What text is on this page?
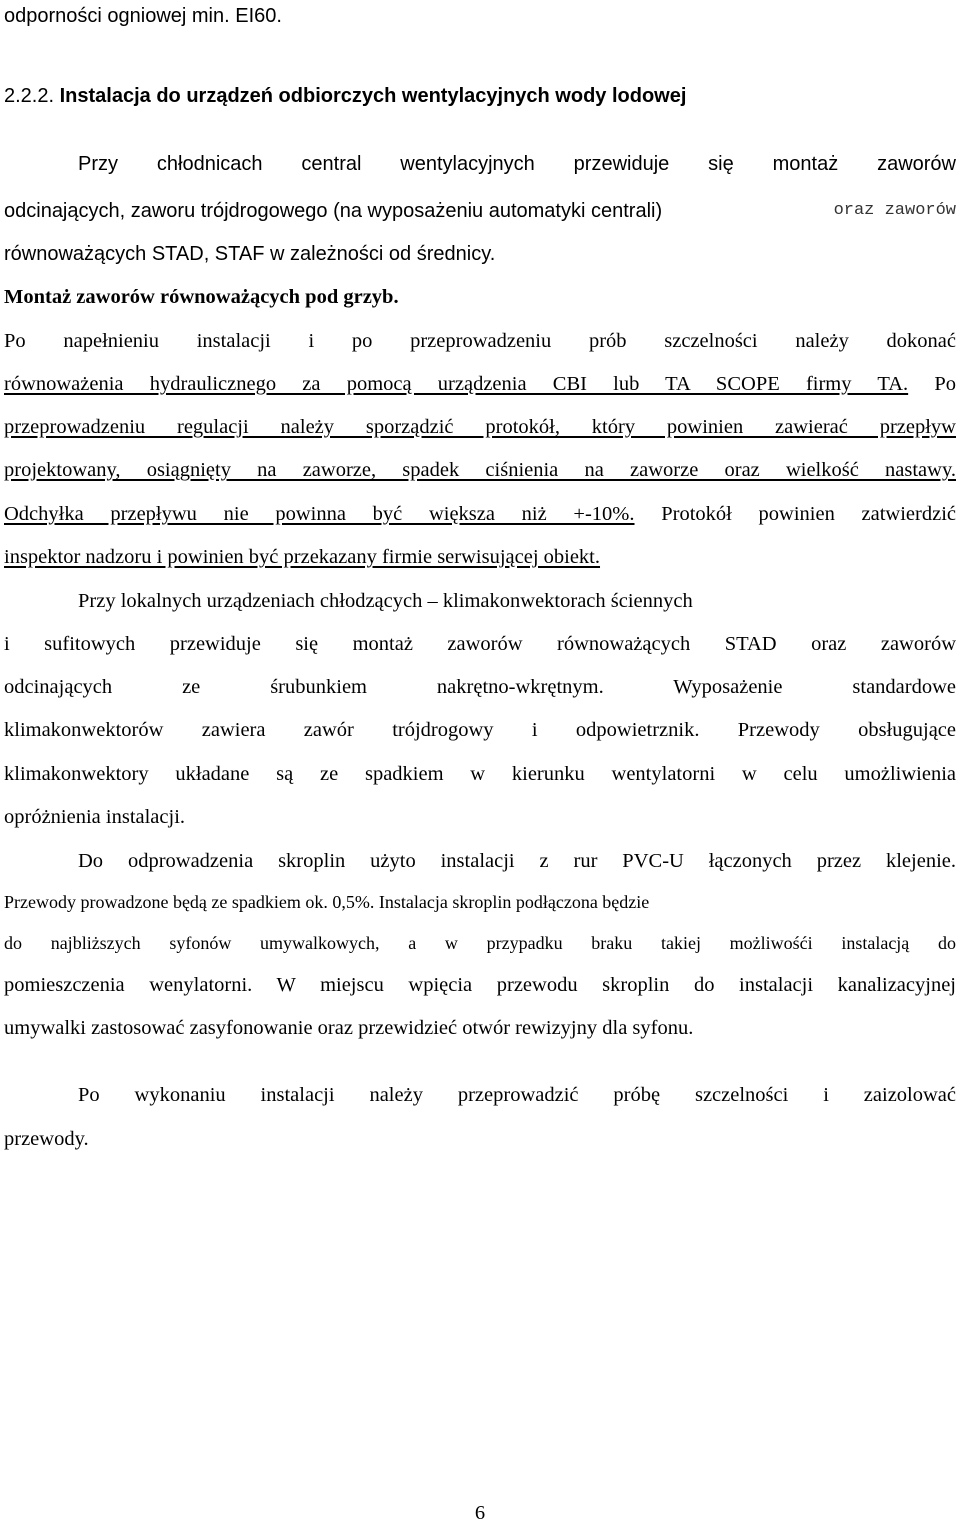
odporności ogniowej min. EI60.
2.2.2. Instalacja do urządzeń odbiorczych wentylacyjnych wody lodowej
Przy chłodnicach central wentylacyjnych przewiduje się montaż zaworów
odcinających, zaworu trójdrogowego (na wyposażeniu automatyki centrali)	oraz zaworów
równoważących STAD, STAF w zależności od średnicy.
Montaż zaworów równoważących pod grzyb.
Po napełnieniu instalacji i po przeprowadzeniu prób szczelności należy dokonać
równoważenia hydraulicznego za pomocą urządzenia CBI lub TA SCOPE firmy TA. Po
przeprowadzeniu regulacji należy sporządzić protokół, który powinien zawierać przepływ
projektowany, osiągnięty na zaworze, spadek ciśnienia na zaworze oraz wielkość nastawy.
Odchyłka przepływu nie powinna być większa niż +-10%. Protokół powinien zatwierdzić
inspektor nadzoru i powinien być przekazany firmie serwisującej obiekt.
Przy lokalnych urządzeniach chłodzących – klimakonwektorach ściennych
i sufitowych przewiduje się montaż zaworów równoważących STAD oraz zaworów
odcinających ze śrubunkiem nakrętno-wkrętnym. Wyposażenie standardowe
klimakonwektorów zawiera zawór trójdrogowy i odpowietrznik. Przewody obsługujące
klimakonwektory układane są ze spadkiem w kierunku wentylatorni w celu umożliwienia
opróżnienia instalacji.
Do odprowadzenia skroplin użyto instalacji z rur PVC-U łączonych przez klejenie.
Przewody prowadzone będą ze spadkiem ok. 0,5%. Instalacja skroplin podłączona będzie
do najbliższych syfonów umywalkowych, a w przypadku braku takiej możliwośći instalacją do
pomieszczenia wenylatorni. W miejscu wpięcia przewodu skroplin do instalacji kanalizacyjnej
umywalki zastosować zasyfonowanie oraz przewidzieć otwór rewizyjny dla syfonu.
Po wykonaniu instalacji należy przeprowadzić próbę szczelności i zaizolować
przewody.
6
